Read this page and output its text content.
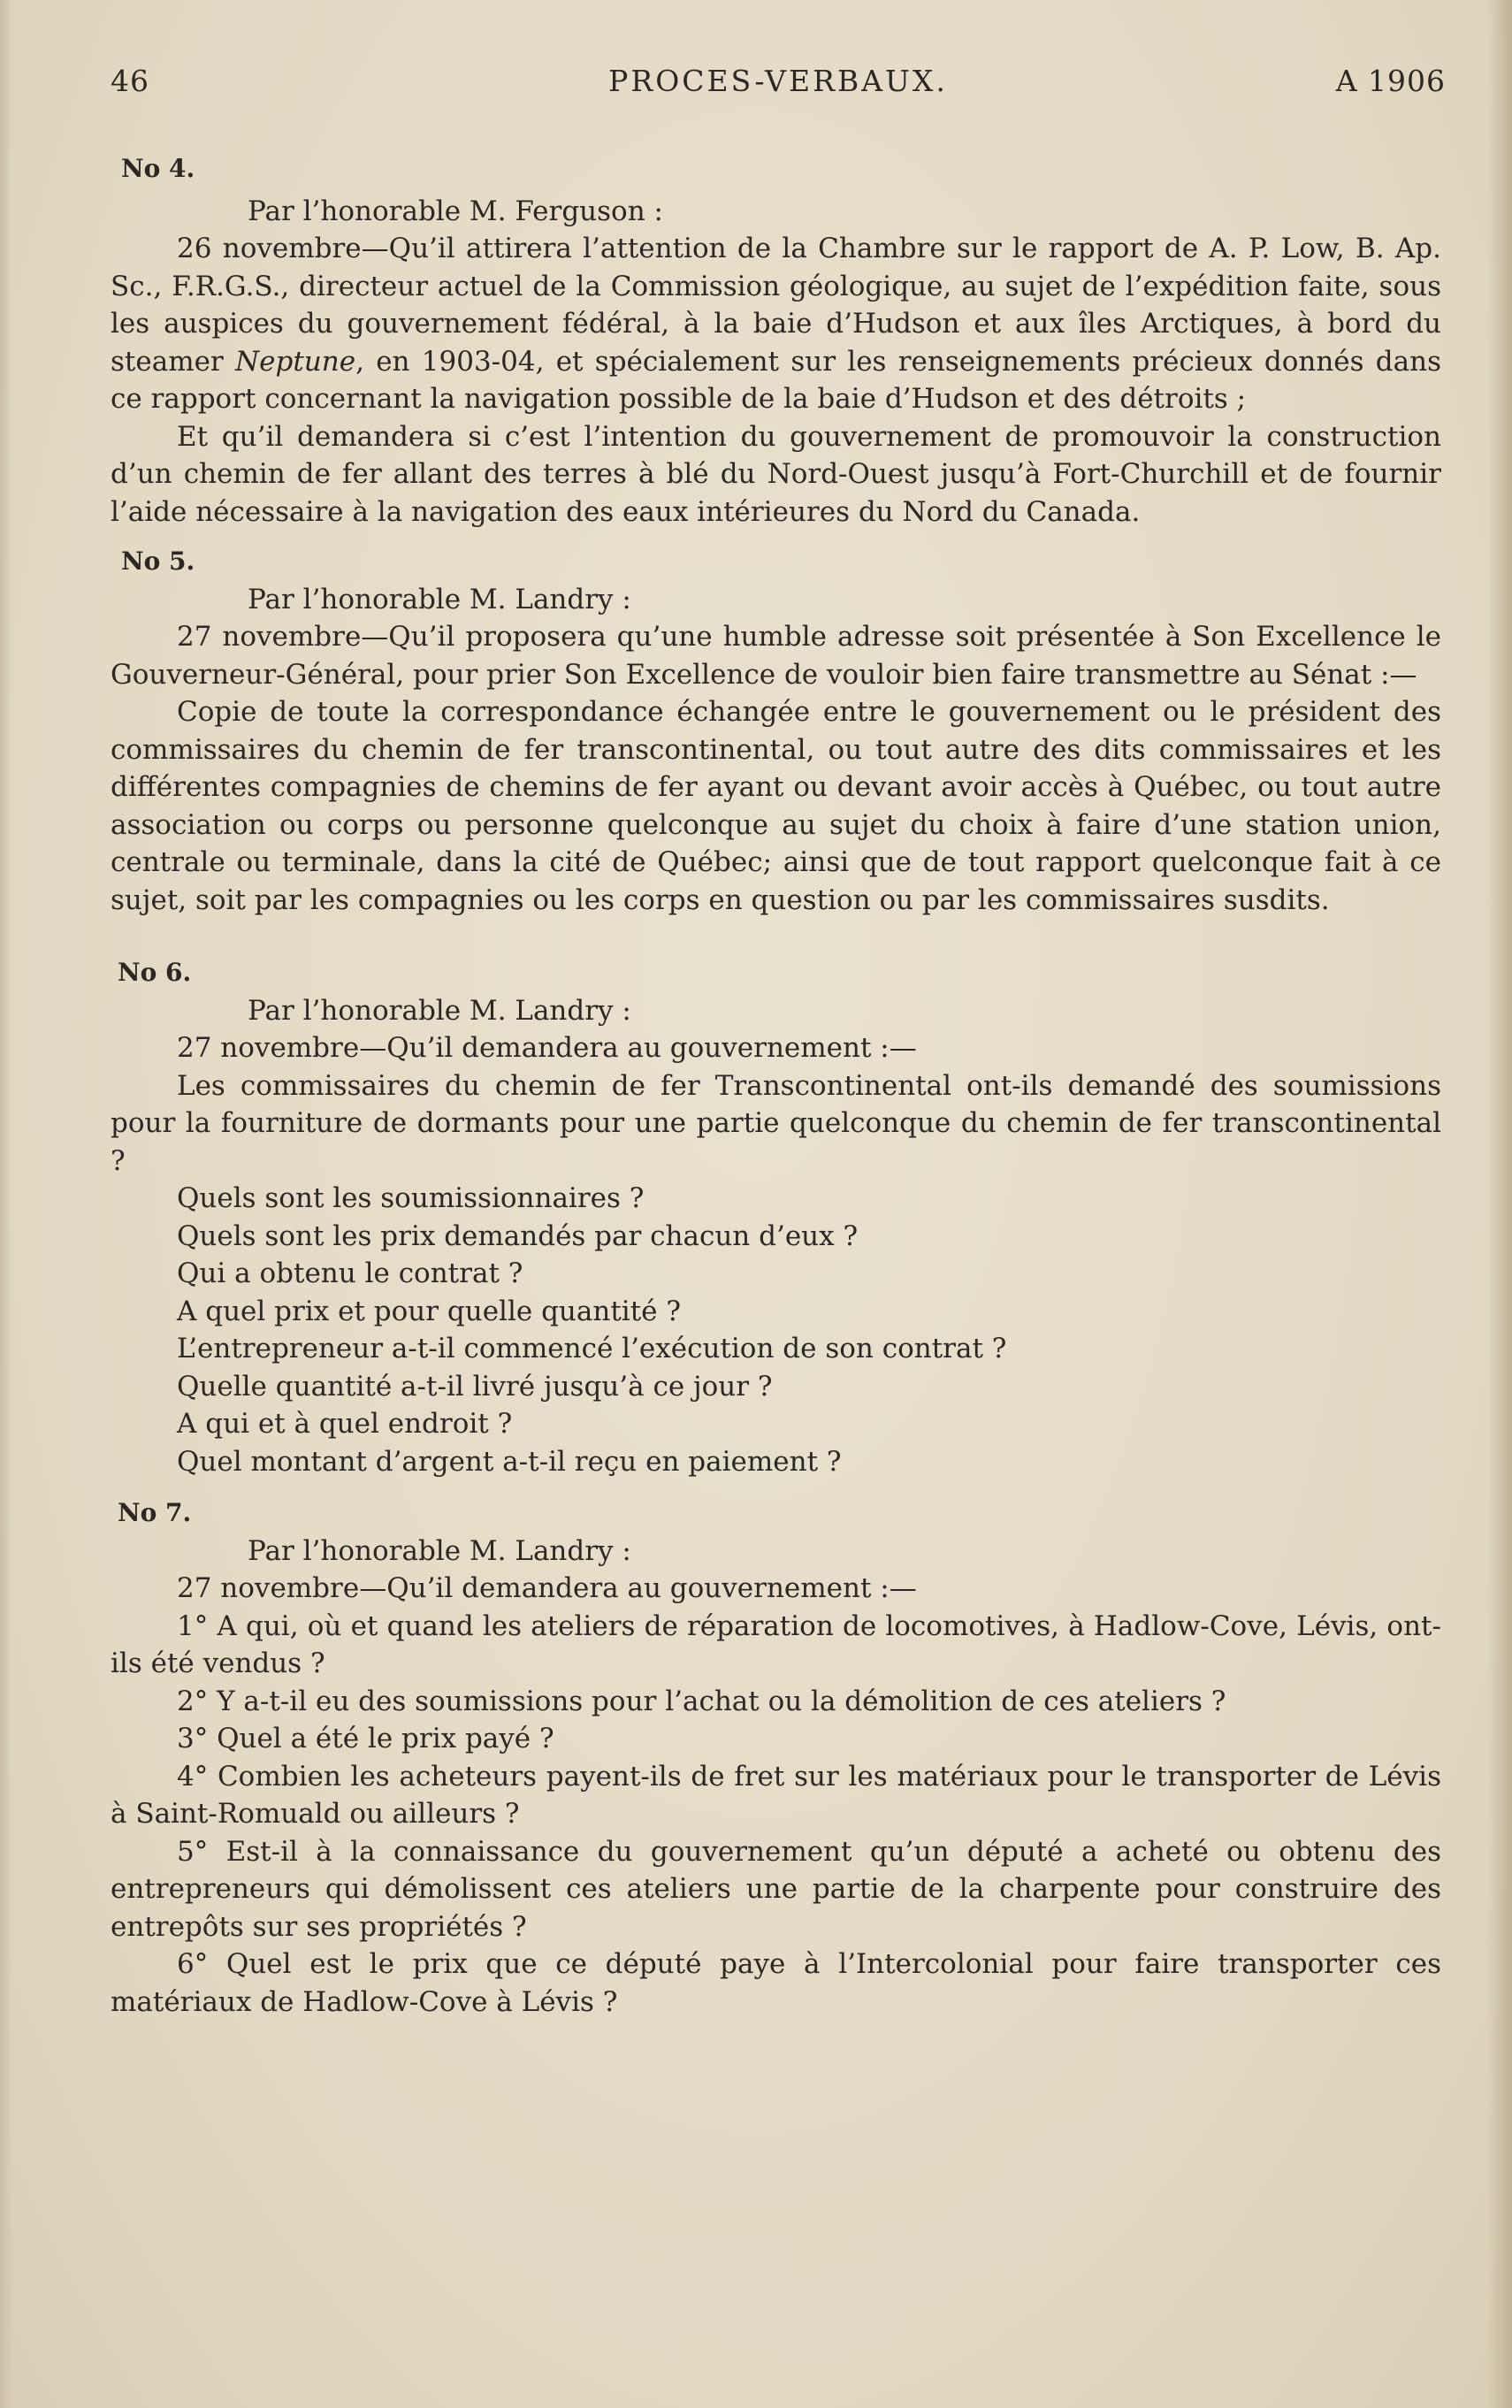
46	PROCES-VERBAUX.	A 1906

No 4.

Par l’honorable M. Ferguson :

26 novembre—Qu’il attirera l’attention de la Chambre sur le rapport de A. P. Low, B. Ap. Sc., F.R.G.S., directeur actuel de la Commission géologique, au sujet de l’expédition faite, sous les auspices du gouvernement fédéral, à la baie d’Hudson et aux îles Arctiques, à bord du steamer Neptune, en 1903-04, et spécialement sur les renseignements précieux donnés dans ce rapport concernant la navigation possible de la baie d’Hudson et des détroits ;

Et qu’il demandera si c’est l’intention du gouvernement de promouvoir la construction d’un chemin de fer allant des terres à blé du Nord-Ouest jusqu’à Fort-Churchill et de fournir l’aide nécessaire à la navigation des eaux intérieures du Nord du Canada.

No 5.

Par l’honorable M. Landry :

27 novembre—Qu’il proposera qu’une humble adresse soit présentée à Son Excellence le Gouverneur-Général, pour prier Son Excellence de vouloir bien faire transmettre au Sénat :—

Copie de toute la correspondance échangée entre le gouvernement ou le président des commissaires du chemin de fer transcontinental, ou tout autre des dits commissaires et les différentes compagnies de chemins de fer ayant ou devant avoir accès à Québec, ou tout autre association ou corps ou personne quelconque au sujet du choix à faire d’une station union, centrale ou terminale, dans la cité de Québec; ainsi que de tout rapport quelconque fait à ce sujet, soit par les compagnies ou les corps en question ou par les commissaires susdits.

No 6.

Par l’honorable M. Landry :

27 novembre—Qu’il demandera au gouvernement :—

Les commissaires du chemin de fer Transcontinental ont-ils demandé des soumissions pour la fourniture de dormants pour une partie quelconque du chemin de fer transcontinental ?

Quels sont les soumissionnaires ?

Quels sont les prix demandés par chacun d’eux ?

Qui a obtenu le contrat ?

A quel prix et pour quelle quantité ?

L’entrepreneur a-t-il commencé l’exécution de son contrat ?

Quelle quantité a-t-il livré jusqu’à ce jour ?

A qui et à quel endroit ?

Quel montant d’argent a-t-il reçu en paiement ?

No 7.

Par l’honorable M. Landry :

27 novembre—Qu’il demandera au gouvernement :—

1° A qui, où et quand les ateliers de réparation de locomotives, à Hadlow-Cove, Lévis, ont-ils été vendus ?

2° Y a-t-il eu des soumissions pour l’achat ou la démolition de ces ateliers ?

3° Quel a été le prix payé ?

4° Combien les acheteurs payent-ils de fret sur les matériaux pour le transporter de Lévis à Saint-Romuald ou ailleurs ?

5° Est-il à la connaissance du gouvernement qu’un député a acheté ou obtenu des entrepreneurs qui démolissent ces ateliers une partie de la charpente pour construire des entrepôts sur ses propriétés ?

6° Quel est le prix que ce député paye à l’Intercolonial pour faire transporter ces matériaux de Hadlow-Cove à Lévis ?
